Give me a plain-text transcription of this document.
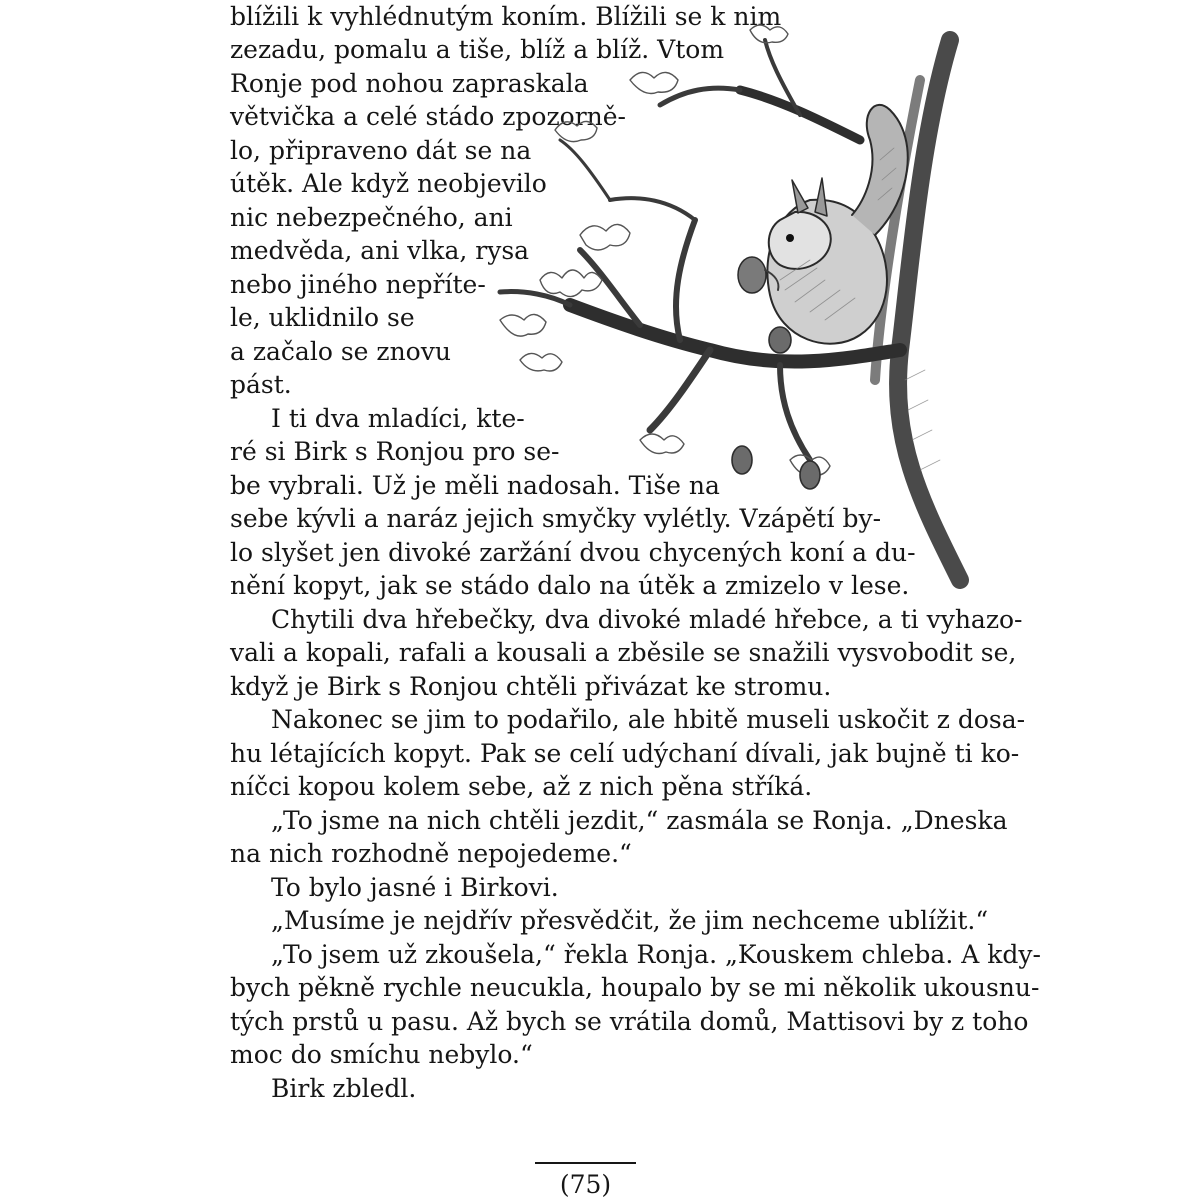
blížili k vyhlédnutým koním. Blížili se k nim
zezadu, pomalu a tiše, blíž a blíž. Vtom
Ronje pod nohou zapraskala
větvička a celé stádo zpozorně-
lo, připraveno dát se na
útěk. Ale když neobjevilo
nic nebezpečného, ani
medvěda, ani vlka, rysa
nebo jiného nepříte-
le, uklidnilo se
a začalo se znovu
pást.
I ti dva mladíci, kte-
ré si Birk s Ronjou pro se-
be vybrali. Už je měli nadosah. Tiše na
sebe kývli a naráz jejich smyčky vylétly. Vzápětí by-
lo slyšet jen divoké zaržání dvou chycených koní a du-
nění kopyt, jak se stádo dalo na útěk a zmizelo v lese.
Chytili dva hřebečky, dva divoké mladé hřebce, a ti vyhazo-
vali a kopali, rafali a kousali a zběsile se snažili vysvobodit se,
když je Birk s Ronjou chtěli přivázat ke stromu.
Nakonec se jim to podařilo, ale hbitě museli uskočit z dosa-
hu létajících kopyt. Pak se celí udýchaní dívali, jak bujně ti ko-
níčci kopou kolem sebe, až z nich pěna stříká.
„To jsme na nich chtěli jezdit,“ zasmála se Ronja. „Dneska
na nich rozhodně nepojedeme.“
To bylo jasné i Birkovi.
„Musíme je nejdřív přesvědčit, že jim nechceme ublížit.“
„To jsem už zkoušela,“ řekla Ronja. „Kouskem chleba. A kdy-
bych pěkně rychle neucukla, houpalo by se mi několik ukousnu-
tých prstů u pasu. Až bych se vrátila domů, Mattisovi by z toho
moc do smíchu nebylo.“
Birk zbledl.
(75)
